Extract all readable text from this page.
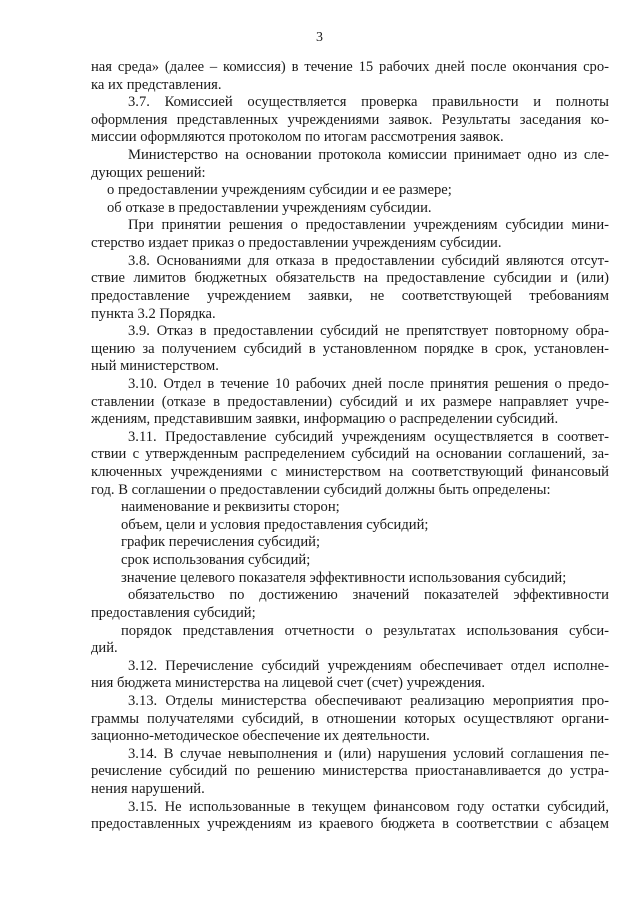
3
ная среда» (далее – комиссия) в течение 15 рабочих дней после окончания сро-
ка их представления.
3.7. Комиссией осуществляется проверка правильности и полноты
оформления представленных учреждениями заявок. Результаты заседания ко-
миссии оформляются протоколом по итогам рассмотрения заявок.
Министерство на основании протокола комиссии принимает одно из сле-
дующих решений:
о предоставлении учреждениям субсидии и ее размере;
об отказе в предоставлении учреждениям субсидии.
При принятии решения о предоставлении учреждениям субсидии мини-
стерство издает приказ о предоставлении учреждениям субсидии.
3.8. Основаниями для отказа в предоставлении субсидий являются отсут-
ствие лимитов бюджетных обязательств на предоставление субсидии и (или)
предоставление учреждением заявки, не соответствующей требованиям
пункта 3.2 Порядка.
3.9. Отказ в предоставлении субсидий не препятствует повторному обра-
щению за получением субсидий в установленном порядке в срок, установлен-
ный министерством.
3.10. Отдел в течение 10 рабочих дней после принятия решения о предо-
ставлении (отказе в предоставлении) субсидий и их размере направляет учре-
ждениям, представившим заявки, информацию о распределении субсидий.
3.11. Предоставление субсидий учреждениям осуществляется в соответ-
ствии с утвержденным распределением субсидий на основании соглашений, за-
ключенных учреждениями с министерством на соответствующий финансовый
год. В соглашении о предоставлении субсидий должны быть определены:
наименование и реквизиты сторон;
объем, цели и условия предоставления субсидий;
график перечисления субсидий;
срок использования субсидий;
значение целевого показателя эффективности использования субсидий;
обязательство по достижению значений показателей эффективности
предоставления субсидий;
порядок представления отчетности о результатах использования субси-
дий.
3.12. Перечисление субсидий учреждениям обеспечивает отдел исполне-
ния бюджета министерства на лицевой счет (счет) учреждения.
3.13. Отделы министерства обеспечивают реализацию мероприятия про-
граммы получателями субсидий, в отношении которых осуществляют органи-
зационно-методическое обеспечение их деятельности.
3.14. В случае невыполнения и (или) нарушения условий соглашения пе-
речисление субсидий по решению министерства приостанавливается до устра-
нения нарушений.
3.15. Не использованные в текущем финансовом году остатки субсидий,
предоставленных учреждениям из краевого бюджета в соответствии с абзацем
